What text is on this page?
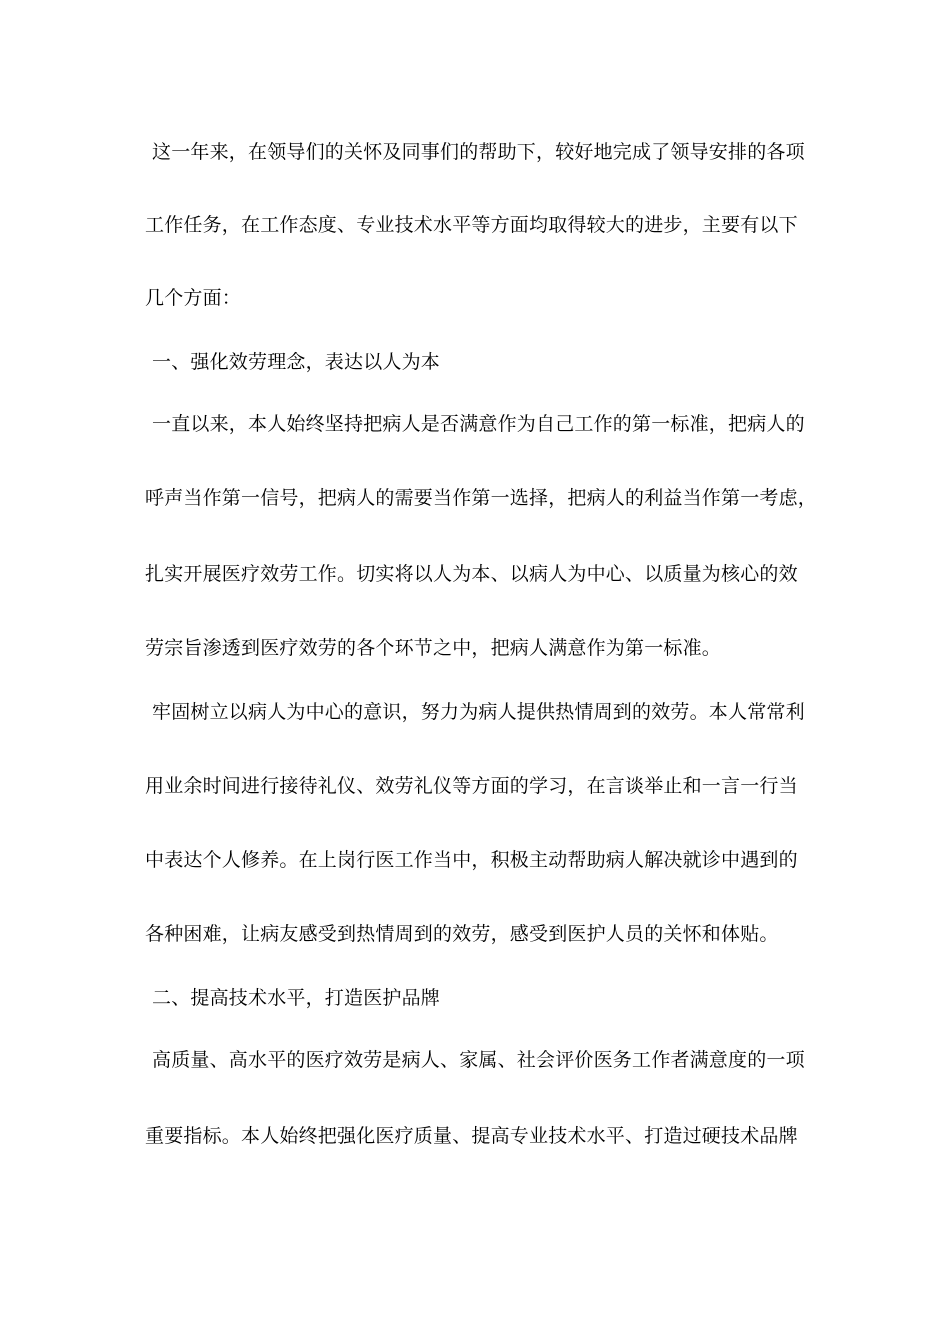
这一年来，在领导们的关怀及同事们的帮助下，较好地完成了领导安排的各项
工作任务，在工作态度、专业技术水平等方面均取得较大的进步，主要有以下
几个方面：
一、强化效劳理念，表达以人为本
一直以来，本人始终坚持把病人是否满意作为自己工作的第一标准，把病人的
呼声当作第一信号，把病人的需要当作第一选择，把病人的利益当作第一考虑，
扎实开展医疗效劳工作。切实将以人为本、以病人为中心、以质量为核心的效
劳宗旨渗透到医疗效劳的各个环节之中，把病人满意作为第一标准。
牢固树立以病人为中心的意识，努力为病人提供热情周到的效劳。本人常常利
用业余时间进行接待礼仪、效劳礼仪等方面的学习，在言谈举止和一言一行当
中表达个人修养。在上岗行医工作当中，积极主动帮助病人解决就诊中遇到的
各种困难，让病友感受到热情周到的效劳，感受到医护人员的关怀和体贴。
二、提高技术水平，打造医护品牌
高质量、高水平的医疗效劳是病人、家属、社会评价医务工作者满意度的一项
重要指标。本人始终把强化医疗质量、提高专业技术水平、打造过硬技术品牌
